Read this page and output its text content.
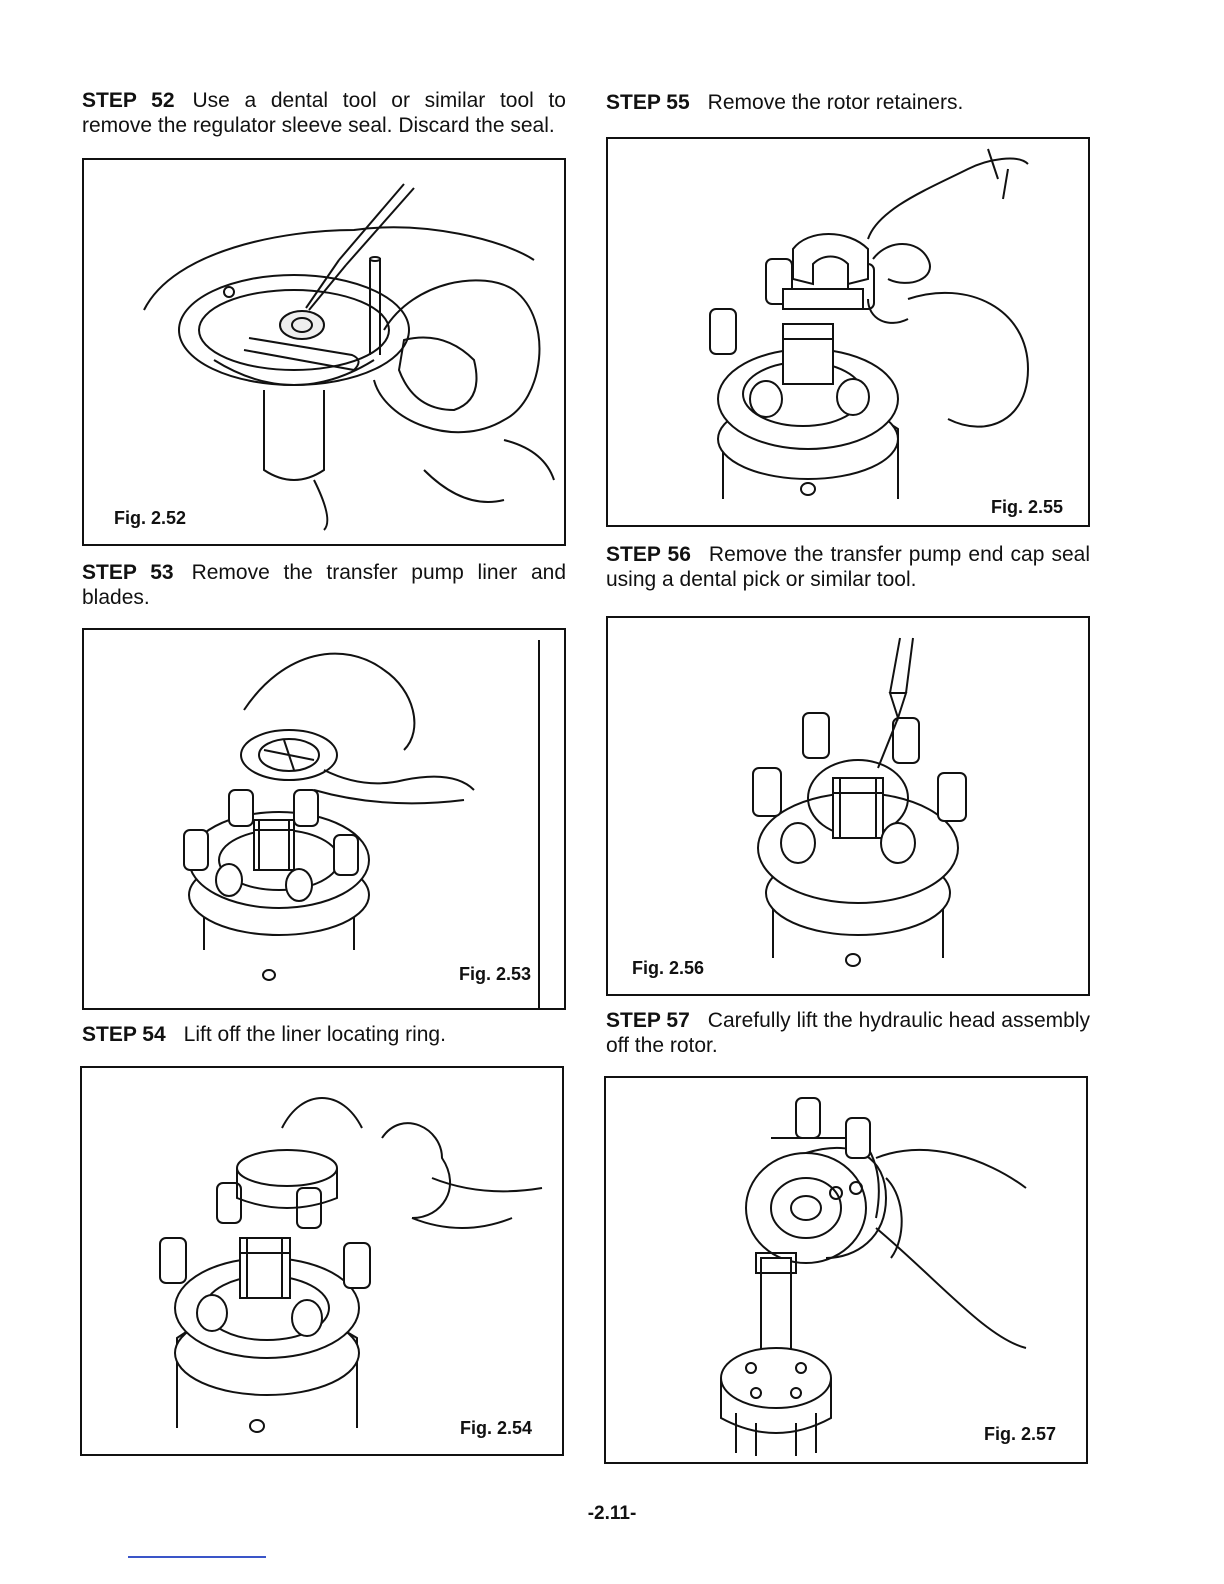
STEP 52 Use a dental tool or similar tool to remove the regulator sleeve seal. Discard the seal.
Fig. 2.52
STEP 53 Remove the transfer pump liner and blades.
Fig. 2.53
STEP 54 Lift off the liner locating ring.
Fig. 2.54
STEP 55 Remove the rotor retainers.
Fig. 2.55
STEP 56 Remove the transfer pump end cap seal using a dental pick or similar tool.
Fig. 2.56
STEP 57 Carefully lift the hydraulic head assembly off the rotor.
Fig. 2.57
-2.11-
